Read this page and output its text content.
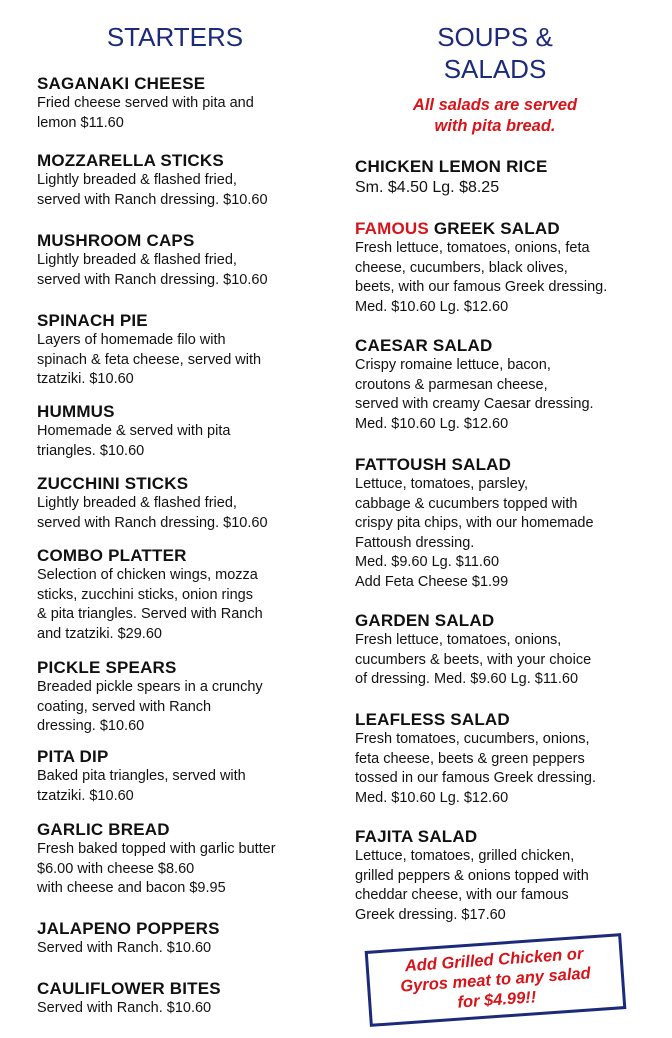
STARTERS
SAGANAKI CHEESE
Fried cheese served with pita and
lemon $11.60
MOZZARELLA STICKS
Lightly breaded & flashed fried,
served with Ranch dressing. $10.60
MUSHROOM CAPS
Lightly breaded & flashed fried,
served with Ranch dressing. $10.60
SPINACH PIE
Layers of homemade filo with
spinach & feta cheese, served with
tzatziki. $10.60
HUMMUS
Homemade & served with pita
triangles. $10.60
ZUCCHINI STICKS
Lightly breaded & flashed fried,
served with Ranch dressing. $10.60
COMBO PLATTER
Selection of chicken wings, mozza
sticks, zucchini sticks, onion rings
& pita triangles. Served with Ranch
and tzatziki. $29.60
PICKLE SPEARS
Breaded pickle spears in a crunchy
coating, served with Ranch
dressing. $10.60
PITA DIP
Baked pita triangles, served with
tzatziki. $10.60
GARLIC BREAD
Fresh baked topped with garlic butter
$6.00 with cheese $8.60
with cheese and bacon $9.95
JALAPENO POPPERS
Served with Ranch. $10.60
CAULIFLOWER BITES
Served with Ranch. $10.60
SOUPS &
SALADS
All salads are served
with pita bread.
CHICKEN LEMON RICE
Sm. $4.50 Lg. $8.25
FAMOUS GREEK SALAD
Fresh lettuce, tomatoes, onions, feta
cheese, cucumbers, black olives,
beets, with our famous Greek dressing.
Med. $10.60 Lg. $12.60
CAESAR SALAD
Crispy romaine lettuce, bacon,
croutons & parmesan cheese,
served with creamy Caesar dressing.
Med. $10.60 Lg. $12.60
FATTOUSH SALAD
Lettuce, tomatoes, parsley,
cabbage & cucumbers topped with
crispy pita chips, with our homemade
Fattoush dressing.
Med. $9.60 Lg. $11.60
Add Feta Cheese $1.99
GARDEN SALAD
Fresh lettuce, tomatoes, onions,
cucumbers & beets, with your choice
of dressing. Med. $9.60 Lg. $11.60
LEAFLESS SALAD
Fresh tomatoes, cucumbers, onions,
feta cheese, beets & green peppers
tossed in our famous Greek dressing.
Med. $10.60 Lg. $12.60
FAJITA SALAD
Lettuce, tomatoes, grilled chicken,
grilled peppers & onions topped with
cheddar cheese, with our famous
Greek dressing. $17.60
Add Grilled Chicken or
Gyros meat to any salad
for $4.99!!
